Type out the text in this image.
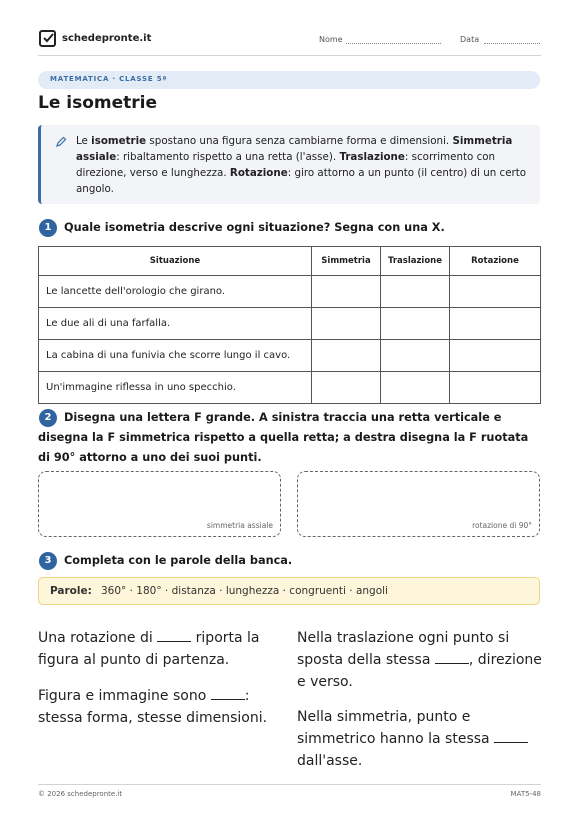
schedepronte.it	Nome	Data
MATEMATICA · CLASSE 5ª
Le isometrie
Le isometrie spostano una figura senza cambiarne forma e dimensioni. Simmetria assiale: ribaltamento rispetto a una retta (l'asse). Traslazione: scorrimento con direzione, verso e lunghezza. Rotazione: giro attorno a un punto (il centro) di un certo angolo.
1	Quale isometria descrive ogni situazione? Segna con una X.
Situazione	Simmetria	Traslazione	Rotazione
Le lancette dell'orologio che girano.			
Le due ali di una farfalla.			
La cabina di una funivia che scorre lungo il cavo.			
Un'immagine riflessa in uno specchio.			
2	Disegna una lettera F grande. A sinistra traccia una retta verticale e disegna la F simmetrica rispetto a quella retta; a destra disegna la F ruotata di 90° attorno a uno dei suoi punti.
simmetria assiale	rotazione di 90°
3	Completa con le parole della banca.
Parole: 360° · 180° · distanza · lunghezza · congruenti · angoli
Una rotazione di	riporta la figura al punto di partenza.
Figura e immagine sono	: stessa forma, stesse dimensioni.
Nella traslazione ogni punto si sposta della stessa	, direzione e verso.
Nella simmetria, punto e simmetrico hanno la stessa  dall'asse.
© 2026 schedepronte.it	MAT5-48
